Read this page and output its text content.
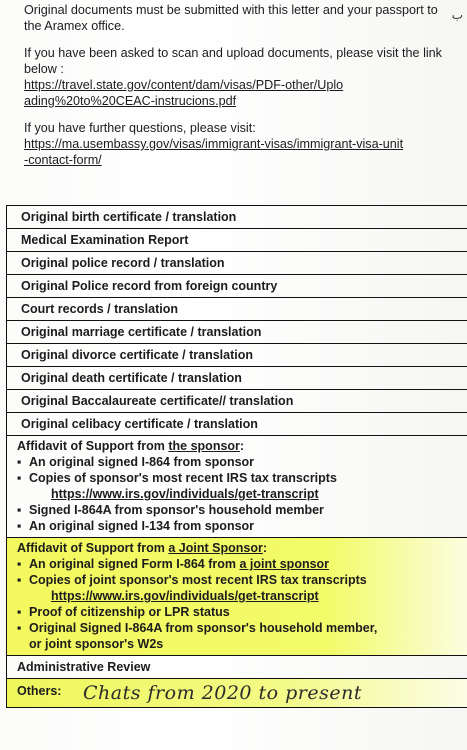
ب

Original documents must be submitted with this letter and your passport to the Aramex office.

If you have been asked to scan and upload documents, please visit the link below :
https://travel.state.gov/content/dam/visas/PDF-other/Uploading%20to%20CEAC-instrucions.pdf

If you have further questions, please visit:
https://ma.usembassy.gov/visas/immigrant-visas/immigrant-visa-unit-contact-form/

Original birth certificate / translation
Medical Examination Report
Original police record / translation
Original Police record from foreign country
Court records / translation
Original marriage certificate / translation
Original divorce certificate / translation
Original death certificate / translation
Original Baccalaureate certificate// translation
Original celibacy certificate / translation
Affidavit of Support from the sponsor:
▪ An original signed I-864 from sponsor
▪ Copies of sponsor's most recent IRS tax transcripts
https://www.irs.gov/individuals/get-transcript
▪ Signed I-864A from sponsor's household member
▪ An original signed I-134 from sponsor
Affidavit of Support from a Joint Sponsor:
▪ An original signed Form I-864 from a joint sponsor
▪ Copies of joint sponsor's most recent IRS tax transcripts
https://www.irs.gov/individuals/get-transcript
▪ Proof of citizenship or LPR status
▪ Original Signed I-864A from sponsor's household member,
or joint sponsor's W2s
Administrative Review
Others: Chats from 2020 to present
